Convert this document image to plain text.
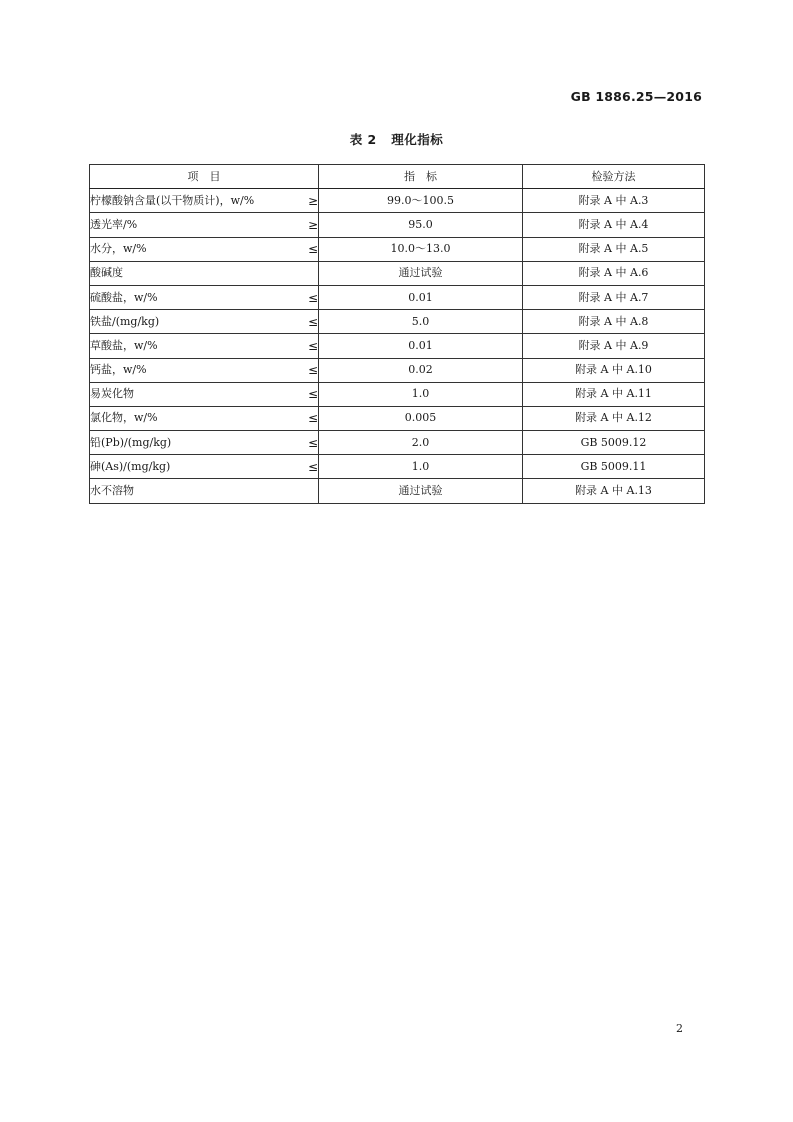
GB 1886.25—2016
表 2   理化指标
项　目	指　标	检验方法

柠檬酸钠含量(以干物质计)，w/% ≥	99.0～100.5	附录 A 中 A.3

透光率/% ≥	95.0	附录 A 中 A.4

水分，w/% ≤	10.0～13.0	附录 A 中 A.5

酸碱度	通过试验	附录 A 中 A.6

硫酸盐，w/% ≤	0.01	附录 A 中 A.7

铁盐/(mg/kg) ≤	5.0	附录 A 中 A.8

草酸盐，w/% ≤	0.01	附录 A 中 A.9

钙盐，w/% ≤	0.02	附录 A 中 A.10

易炭化物 ≤	1.0	附录 A 中 A.11

氯化物，w/% ≤	0.005	附录 A 中 A.12

铅(Pb)/(mg/kg) ≤	2.0	GB 5009.12

砷(As)/(mg/kg) ≤	1.0	GB 5009.11

水不溶物	通过试验	附录 A 中 A.13
2
